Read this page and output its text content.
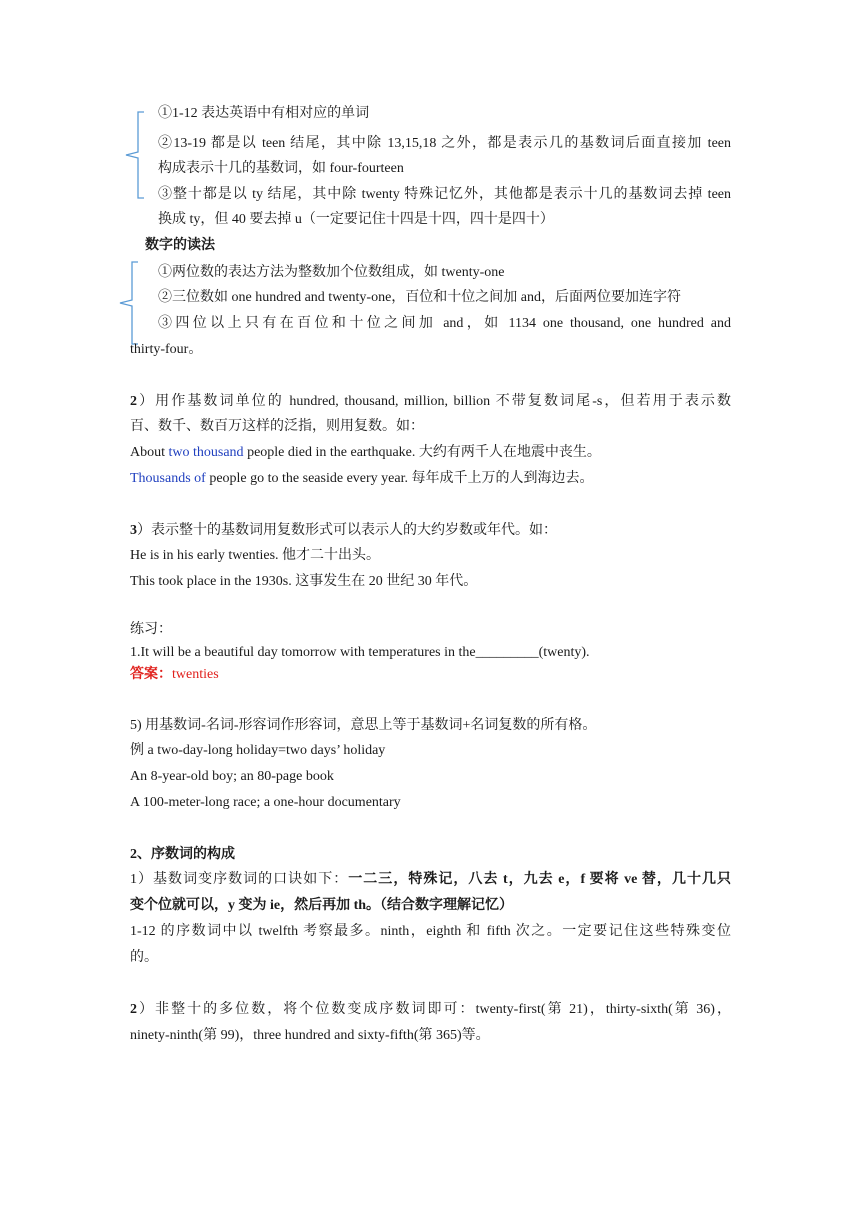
①1-12 表达英语中有相对应的单词
②13-19 都是以 teen 结尾，其中除 13,15,18 之外，都是表示几的基数词后面直接加 teen
构成表示十几的基数词，如 four-fourteen
③整十都是以 ty 结尾，其中除 twenty 特殊记忆外，其他都是表示十几的基数词去掉 teen
换成 ty，但 40 要去掉 u（一定要记住十四是十四，四十是四十）
数字的读法
①两位数的表达方法为整数加个位数组成，如 twenty-one
②三位数如 one hundred and twenty-one，百位和十位之间加 and，后面两位要加连字符
③四位以上只有在百位和十位之间加 and，如 1134 one thousand, one hundred and
thirty-four。
2）用作基数词单位的 hundred, thousand, million, billion 不带复数词尾-s，但若用于表示数
百、数千、数百万这样的泛指，则用复数。如：
About two thousand people died in the earthquake. 大约有两千人在地震中丧生。
Thousands of people go to the seaside every year. 每年成千上万的人到海边去。
3）表示整十的基数词用复数形式可以表示人的大约岁数或年代。如：
He is in his early twenties. 他才二十出头。
This took place in the 1930s. 这事发生在 20 世纪 30 年代。
练习：
1.It will be a beautiful day tomorrow with temperatures in the_________(twenty).
答案：twenties
5) 用基数词-名词-形容词作形容词，意思上等于基数词+名词复数的所有格。
例 a two-day-long holiday=two days’ holiday
An 8-year-old boy; an 80-page book
A 100-meter-long race; a one-hour documentary
2、序数词的构成
1）基数词变序数词的口诀如下：一二三，特殊记，八去 t，九去 e，f 要将 ve 替，几十几只
变个位就可以，y 变为 ie，然后再加 th。（结合数字理解记忆）
1-12 的序数词中以 twelfth 考察最多。ninth，eighth 和 fifth 次之。一定要记住这些特殊变位
的。
2）非整十的多位数，将个位数变成序数词即可：twenty-first(第 21)，thirty-sixth(第 36)，
ninety-ninth(第 99)，three hundred and sixty-fifth(第 365)等。
